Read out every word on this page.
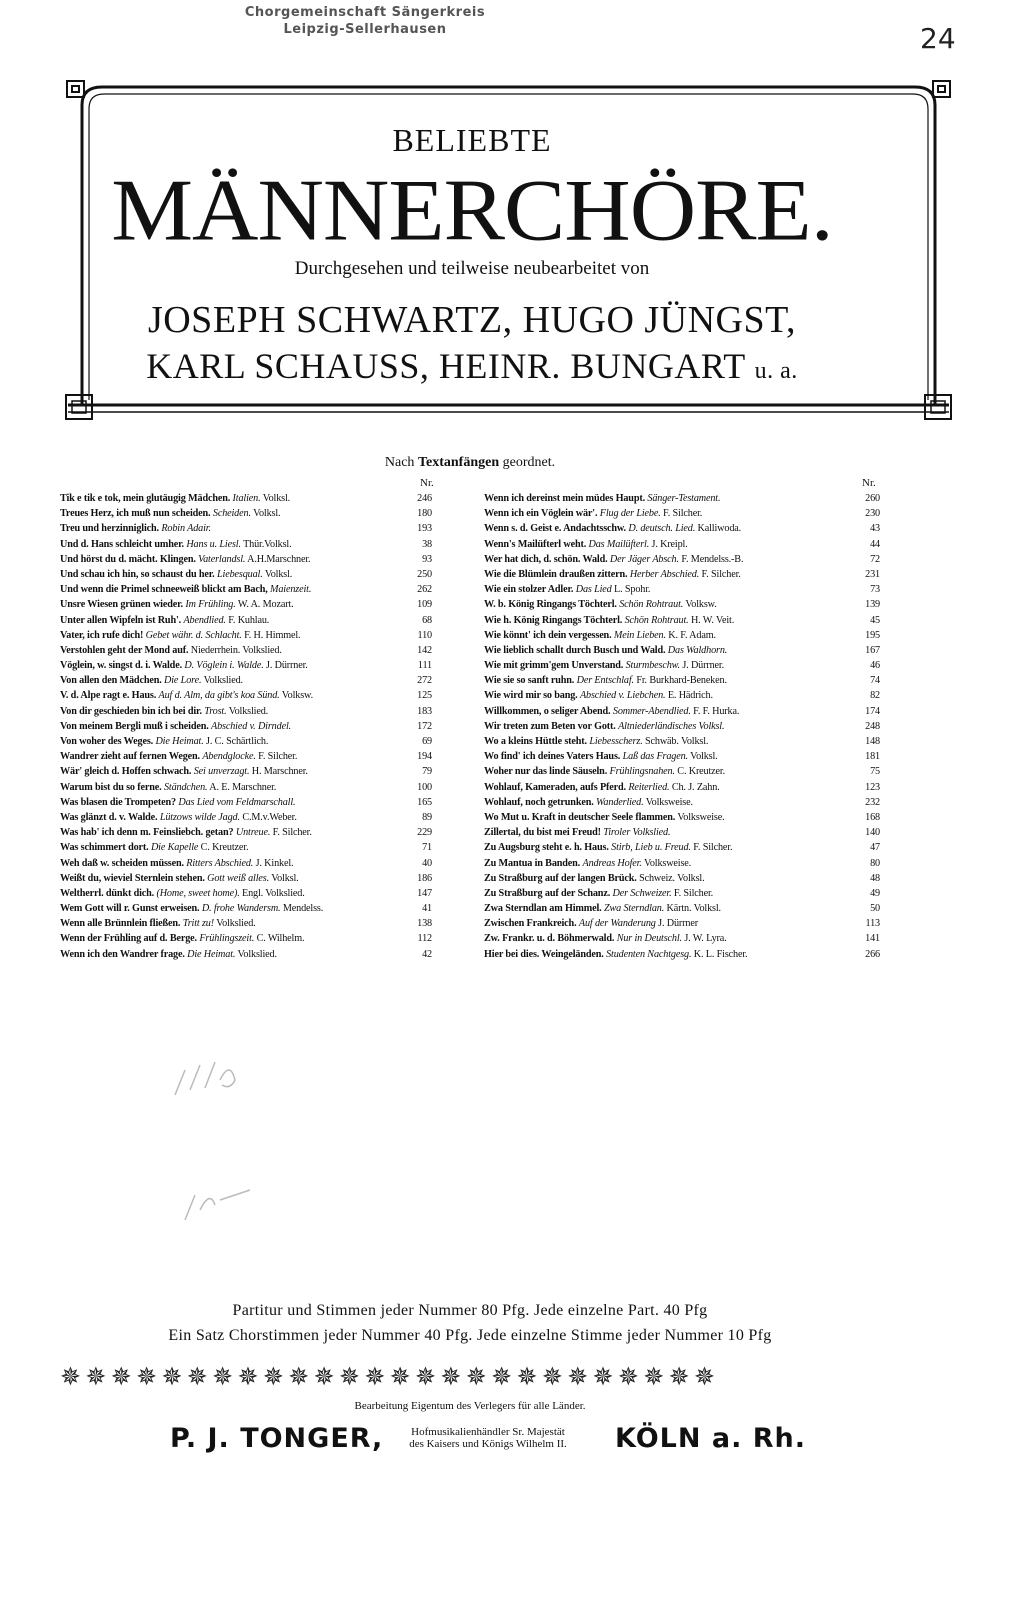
Chorgemeinschaft Sängerkreis
Leipzig-Sellerhausen	24
BELIEBTE
MÄNNERCHÖRE.
Durchgesehen und teilweise neubearbeitet von
JOSEPH SCHWARTZ, HUGO JÜNGST,
KARL SCHAUSS, HEINR. BUNGART u. a.
Nach Textanfängen geordnet.
Nr.	Nr.
Tik e tik e tok, mein glutäugig Mädchen. Italien. Volksl.	246
Treues Herz, ich muß nun scheiden. Scheiden. Volksl.	180
Treu und herzinniglich. Robin Adair.	193
Und d. Hans schleicht umher. Hans u. Liesl. Thür.Volksl.	38
Und hörst du d. mächt. Klingen. Vaterlandsl. A.H.Marschner.	93
Und schau ich hin, so schaust du her. Liebesqual. Volksl.	250
Und wenn die Primel schneeweiß blickt am Bach, Maienzeit.	262
Unsre Wiesen grünen wieder. Im Frühling. W. A. Mozart.	109
Unter allen Wipfeln ist Ruh'. Abendlied. F. Kuhlau.	68
Vater, ich rufe dich! Gebet währ. d. Schlacht. F. H. Himmel.	110
Verstohlen geht der Mond auf. Niederrhein. Volkslied.	142
Vöglein, w. singst d. i. Walde. D. Vöglein i. Walde. J. Dürrner.	111
Von allen den Mädchen. Die Lore. Volkslied.	272
V. d. Alpe ragt e. Haus. Auf d. Alm, da gibt's koa Sünd. Volksw.	125
Von dir geschieden bin ich bei dir. Trost. Volkslied.	183
Von meinem Bergli muß i scheiden. Abschied v. Dirndel.	172
Von woher des Weges. Die Heimat. J. C. Schärtlich.	69
Wandrer zieht auf fernen Wegen. Abendglocke. F. Silcher.	194
Wär' gleich d. Hoffen schwach. Sei unverzagt. H. Marschner.	79
Warum bist du so ferne. Ständchen. A. E. Marschner.	100
Was blasen die Trompeten? Das Lied vom Feldmarschall.	165
Was glänzt d. v. Walde. Lützows wilde Jagd. C.M.v.Weber.	89
Was hab' ich denn m. Feinsliebch. getan? Untreue. F. Silcher.	229
Was schimmert dort. Die Kapelle C. Kreutzer.	71
Weh daß w. scheiden müssen. Ritters Abschied. J. Kinkel.	40
Weißt du, wieviel Sternlein stehen. Gott weiß alles. Volksl.	186
Weltherrl. dünkt dich. (Home, sweet home). Engl. Volkslied.	147
Wem Gott will r. Gunst erweisen. D. frohe Wandersm. Mendelss.	41
Wenn alle Brünnlein fließen. Tritt zu! Volkslied.	138
Wenn der Frühling auf d. Berge. Frühlingszeit. C. Wilhelm.	112
Wenn ich den Wandrer frage. Die Heimat. Volkslied.	42
Wenn ich dereinst mein müdes Haupt. Sänger-Testament.	260
Wenn ich ein Vöglein wär'. Flug der Liebe. F. Silcher.	230
Wenn s. d. Geist e. Andachtsschw. D. deutsch. Lied. Kalliwoda.	43
Wenn's Mailüfterl weht. Das Mailüfterl. J. Kreipl.	44
Wer hat dich, d. schön. Wald. Der Jäger Absch. F. Mendelss.-B.	72
Wie die Blümlein draußen zittern. Herber Abschied. F. Silcher.	231
Wie ein stolzer Adler. Das Lied L. Spohr.	73
W. b. König Ringangs Töchterl. Schön Rohtraut. Volksw.	139
Wie h. König Ringangs Töchterl. Schön Rohtraut. H. W. Veit.	45
Wie könnt' ich dein vergessen. Mein Lieben. K. F. Adam.	195
Wie lieblich schallt durch Busch und Wald. Das Waldhorn.	167
Wie mit grimm'gem Unverstand. Sturmbeschw. J. Dürrner.	46
Wie sie so sanft ruhn. Der Entschlaf. Fr. Burkhard-Beneken.	74
Wie wird mir so bang. Abschied v. Liebchen. E. Hädrich.	82
Willkommen, o seliger Abend. Sommer-Abendlied. F. F. Hurka.	174
Wir treten zum Beten vor Gott. Altniederländisches Volksl.	248
Wo a kleins Hüttle steht. Liebesscherz. Schwäb. Volksl.	148
Wo find' ich deines Vaters Haus. Laß das Fragen. Volksl.	181
Woher nur das linde Säuseln. Frühlingsnahen. C. Kreutzer.	75
Wohlauf, Kameraden, aufs Pferd. Reiterlied. Ch. J. Zahn.	123
Wohlauf, noch getrunken. Wanderlied. Volksweise.	232
Wo Mut u. Kraft in deutscher Seele flammen. Volksweise.	168
Zillertal, du bist mei Freud! Tiroler Volkslied.	140
Zu Augsburg steht e. h. Haus. Stirb, Lieb u. Freud. F. Silcher.	47
Zu Mantua in Banden. Andreas Hofer. Volksweise.	80
Zu Straßburg auf der langen Brück. Schweiz. Volksl.	48
Zu Straßburg auf der Schanz. Der Schweizer. F. Silcher.	49
Zwa Sterndlan am Himmel. Zwa Sterndlan. Kärtn. Volksl.	50
Zwischen Frankreich. Auf der Wanderung J. Dürrner	113
Zw. Frankr. u. d. Böhmerwald. Nur in Deutschl. J. W. Lyra.	141
Hier bei dies. Weingeländen. Studenten Nachtgesg. K. L. Fischer.	266
Partitur und Stimmen jeder Nummer 80 Pfg. Jede einzelne Part. 40 Pfg
Ein Satz Chorstimmen jeder Nummer 40 Pfg. Jede einzelne Stimme jeder Nummer 10 Pfg
✵✵✵✵✵✵✵✵✵✵✵✵✵✵✵✵✵✵✵✵✵✵✵✵✵✵
Bearbeitung Eigentum des Verlegers für alle Länder.
P. J. TONGER,	Hofmusikalienhändler Sr. Majestät
des Kaisers und Königs Wilhelm II.	KÖLN a. Rh.
